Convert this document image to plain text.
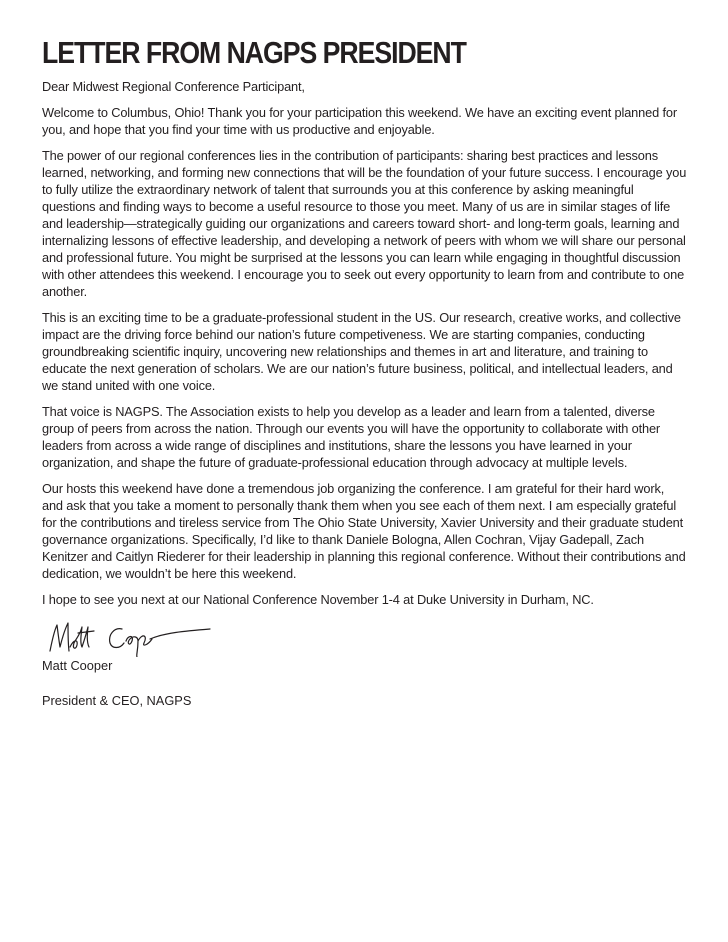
LETTER FROM NAGPS PRESIDENT

Dear Midwest Regional Conference Participant,

Welcome to Columbus, Ohio! Thank you for your participation this weekend. We have an exciting event planned for you, and hope that you find your time with us productive and enjoyable.

The power of our regional conferences lies in the contribution of participants: sharing best practices and lessons learned, networking, and forming new connections that will be the foundation of your future success. I encourage you to fully utilize the extraordinary network of talent that surrounds you at this conference by asking meaningful questions and finding ways to become a useful resource to those you meet. Many of us are in similar stages of life and leadership—strategically guiding our organizations and careers toward short- and long-term goals, learning and internalizing lessons of effective leadership, and developing a network of peers with whom we will share our personal and professional future. You might be surprised at the lessons you can learn while engaging in thoughtful discussion with other attendees this weekend. I encourage you to seek out every opportunity to learn from and contribute to one another.

This is an exciting time to be a graduate-professional student in the US. Our research, creative works, and collective impact are the driving force behind our nation’s future competiveness. We are starting companies, conducting groundbreaking scientific inquiry, uncovering new relationships and themes in art and literature, and training to educate the next generation of scholars. We are our nation’s future business, political, and intellectual leaders, and we stand united with one voice.

That voice is NAGPS. The Association exists to help you develop as a leader and learn from a talented, diverse group of peers from across the nation. Through our events you will have the opportunity to collaborate with other leaders from across a wide range of disciplines and institutions, share the lessons you have learned in your organization, and shape the future of graduate-professional education through advocacy at multiple levels.

Our hosts this weekend have done a tremendous job organizing the conference. I am grateful for their hard work, and ask that you take a moment to personally thank them when you see each of them next. I am especially grateful for the contributions and tireless service from The Ohio State University, Xavier University and their graduate student governance organizations. Specifically, I’d like to thank Daniele Bologna, Allen Cochran, Vijay Gadepall, Zach Kenitzer and Caitlyn Riederer for their leadership in planning this regional conference. Without their contributions and dedication, we wouldn’t be here this weekend.

I hope to see you next at our National Conference November 1-4 at Duke University in Durham, NC.

Matt Cooper

President & CEO, NAGPS
